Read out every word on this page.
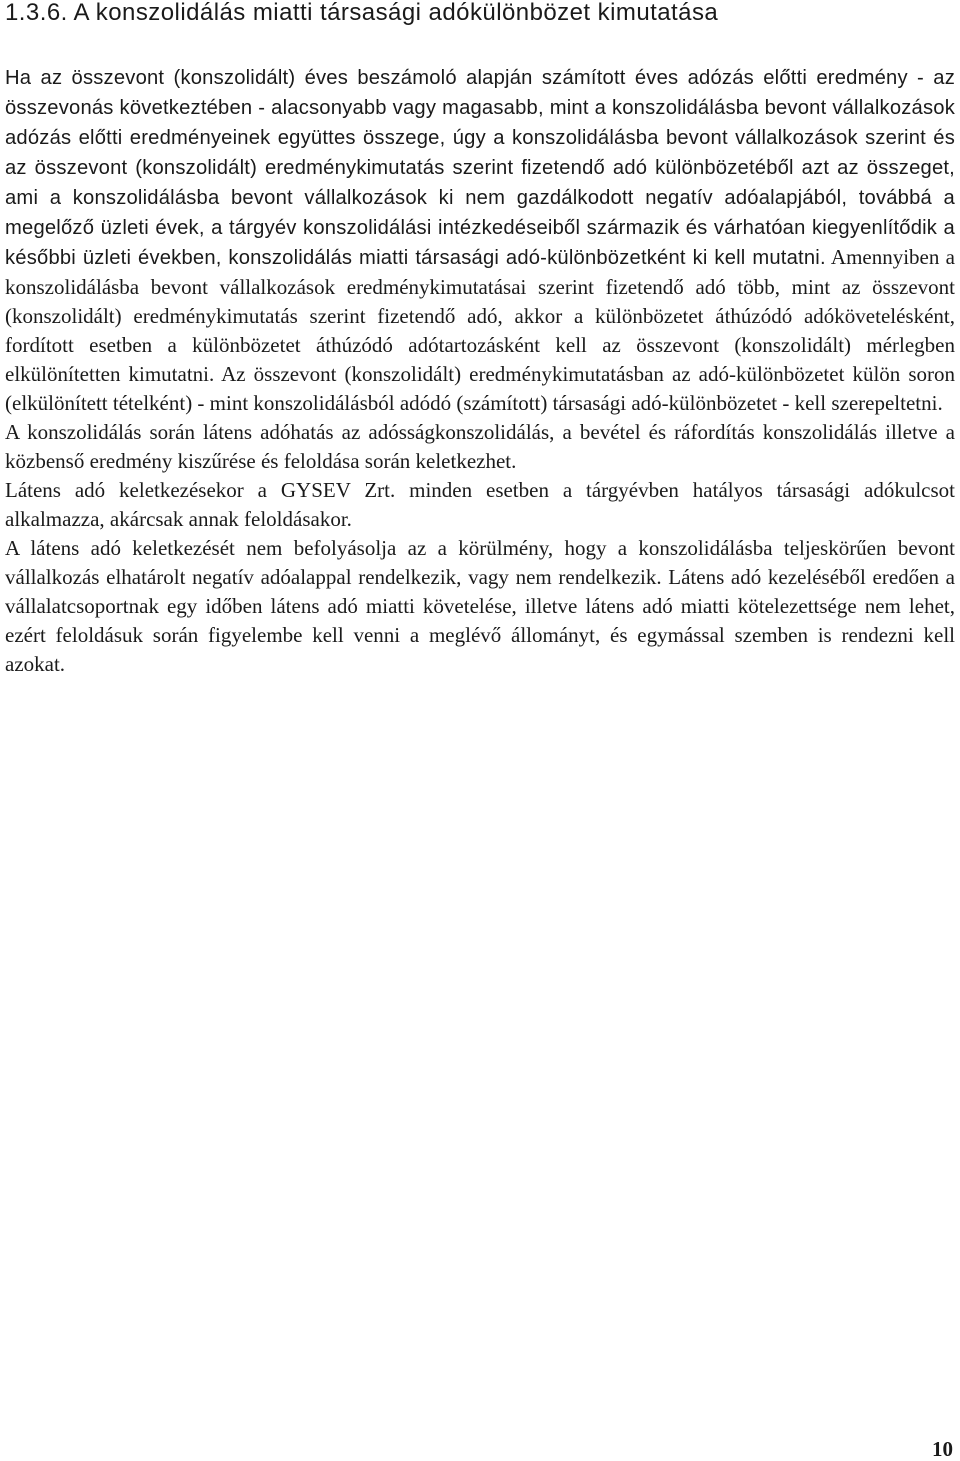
1.3.6. A konszolidálás miatti társasági adókülönbözet kimutatása

Ha az összevont (konszolidált) éves beszámoló alapján számított éves adózás előtti eredmény - az összevonás következtében - alacsonyabb vagy magasabb, mint a konszolidálásba bevont vállalkozások adózás előtti eredményeinek együttes összege, úgy a konszolidálásba bevont vállalkozások szerint és az összevont (konszolidált) eredménykimutatás szerint fizetendő adó különbözetéből azt az összeget, ami a konszolidálásba bevont vállalkozások ki nem gazdálkodott negatív adóalapjából, továbbá a megelőző üzleti évek, a tárgyév konszolidálási intézkedéseiből származik és várhatóan kiegyenlítődik a későbbi üzleti években, konszolidálás miatti társasági adó-különbözetként ki kell mutatni. Amennyiben a konszolidálásba bevont vállalkozások eredménykimutatásai szerint fizetendő adó több, mint az összevont (konszolidált) eredménykimutatás szerint fizetendő adó, akkor a különbözetet áthúzódó adókövetelésként, fordított esetben a különbözetet áthúzódó adótartozásként kell az összevont (konszolidált) mérlegben elkülönítetten kimutatni. Az összevont (konszolidált) eredménykimutatásban az adó-különbözetet külön soron (elkülönített tételként) - mint konszolidálásból adódó (számított) társasági adó-különbözetet - kell szerepeltetni.

A konszolidálás során látens adóhatás az adósságkonszolidálás, a bevétel és ráfordítás konszolidálás illetve a közbenső eredmény kiszűrése és feloldása során keletkezhet.

Látens adó keletkezésekor a GYSEV Zrt. minden esetben a tárgyévben hatályos társasági adókulcsot alkalmazza, akárcsak annak feloldásakor.

A látens adó keletkezését nem befolyásolja az a körülmény, hogy a konszolidálásba teljeskörűen bevont vállalkozás elhatárolt negatív adóalappal rendelkezik, vagy nem rendelkezik. Látens adó kezeléséből eredően a vállalatcsoportnak egy időben látens adó miatti követelése, illetve látens adó miatti kötelezettsége nem lehet, ezért feloldásuk során figyelembe kell venni a meglévő állományt, és egymással szemben is rendezni kell azokat.

10
